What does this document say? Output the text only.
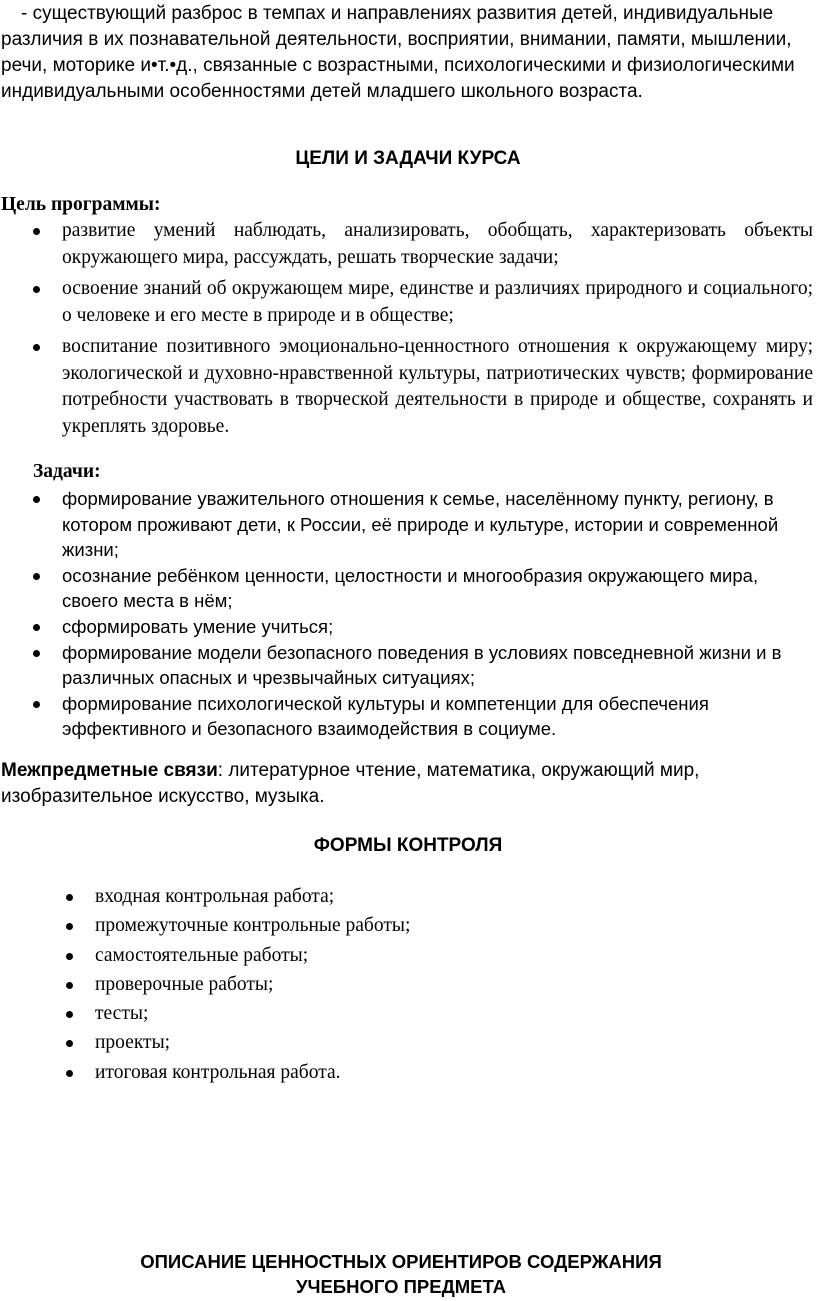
- существующий разброс в темпах и направлениях развития детей, индивидуальные различия в их познавательной деятельности, восприятии, внимании, памяти, мышлении, речи, моторике и•т.•д., связанные с возрастными, психологическими и физиологическими индивидуальными особенностями детей младшего школьного возраста.
ЦЕЛИ И ЗАДАЧИ КУРСА
Цель программы:
развитие умений наблюдать, анализировать, обобщать, характеризовать объекты окружающего мира, рассуждать, решать творческие задачи;
освоение знаний об окружающем мире, единстве и различиях природного и социального; о человеке и его месте в природе и в обществе;
воспитание позитивного эмоционально-ценностного отношения к окружающему миру; экологической и духовно-нравственной культуры, патриотических чувств; формирование потребности участвовать в творческой деятельности в природе и обществе, сохранять и укреплять здоровье.
Задачи:
формирование уважительного отношения к семье, населённому пункту, региону, в котором проживают дети, к России, её природе и культуре, истории и современной жизни;
осознание ребёнком ценности, целостности и многообразия окружающего мира, своего места в нём;
сформировать умение учиться;
формирование модели безопасного поведения в условиях повседневной жизни и в различных опасных и чрезвычайных ситуациях;
формирование психологической культуры и компетенции для обеспечения эффективного и безопасного взаимодействия в социуме.
Межпредметные связи: литературное чтение, математика, окружающий мир, изобразительное искусство, музыка.
ФОРМЫ КОНТРОЛЯ
входная контрольная работа;
промежуточные контрольные работы;
самостоятельные работы;
проверочные работы;
тесты;
проекты;
итоговая контрольная работа.
ОПИСАНИЕ ЦЕННОСТНЫХ ОРИЕНТИРОВ СОДЕРЖАНИЯ
УЧЕБНОГО ПРЕДМЕТА
